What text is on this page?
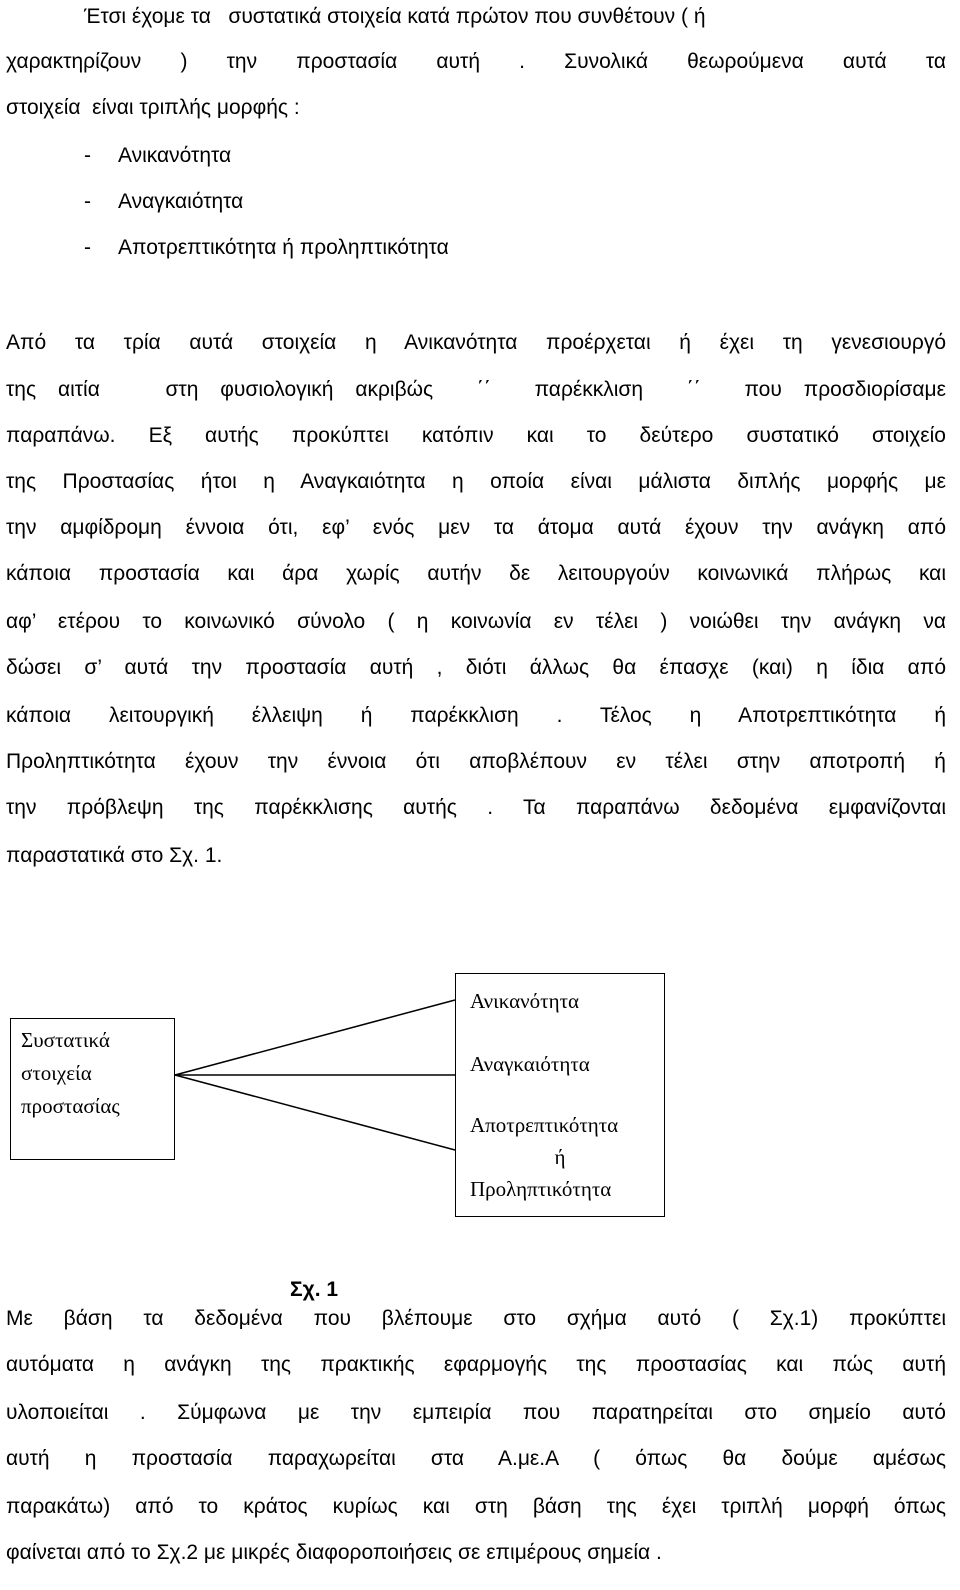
Έτσι έχομε τα   συστατικά στοιχεία κατά πρώτον που συνθέτουν ( ή
χαρακτηρίζουν ) την προστασία αυτή . Συνολικά θεωρούμενα αυτά τα
στοιχεία  είναι τριπλής μορφής :
- Ανικανότητα
- Αναγκαιότητα
- Αποτρεπτικότητα ή προληπτικότητα
Από τα τρία αυτά στοιχεία η Ανικανότητα προέρχεται ή έχει τη γενεσιουργό
της αιτία   στη φυσιολογική ακριβώς  ΄΄  παρέκκλιση  ΄΄  που προσδιορίσαμε
παραπάνω. Εξ αυτής προκύπτει κατόπιν και το δεύτερο συστατικό στοιχείο
της Προστασίας ήτοι η Αναγκαιότητα η οποία είναι μάλιστα διπλής μορφής με
την αμφίδρομη έννοια ότι, εφ’ ενός μεν τα άτομα αυτά έχουν την ανάγκη από
κάποια προστασία και άρα χωρίς αυτήν δε λειτουργούν κοινωνικά πλήρως και
αφ’ ετέρου το κοινωνικό σύνολο ( η κοινωνία εν τέλει ) νοιώθει την ανάγκη να
δώσει σ’ αυτά την προστασία αυτή , διότι άλλως θα έπασχε (και) η ίδια από
κάποια λειτουργική έλλειψη ή παρέκκλιση . Τέλος η Αποτρεπτικότητα ή
Προληπτικότητα έχουν την έννοια ότι αποβλέπουν εν τέλει στην αποτροπή ή
την πρόβλεψη της παρέκκλισης αυτής . Τα παραπάνω δεδομένα εμφανίζονται
παραστατικά στο Σχ. 1.
Συστατικά
στοιχεία
προστασίας
Ανικανότητα
Αναγκαιότητα
Αποτρεπτικότητα
ή
Προληπτικότητα
Σχ. 1
Με βάση τα δεδομένα που βλέπουμε στο σχήμα αυτό ( Σχ.1) προκύπτει
αυτόματα η ανάγκη της πρακτικής εφαρμογής της προστασίας και πώς αυτή
υλοποιείται . Σύμφωνα με την εμπειρία που παρατηρείται στο σημείο αυτό
αυτή η προστασία παραχωρείται στα Α.με.Α ( όπως θα δούμε αμέσως
παρακάτω) από το κράτος κυρίως και στη βάση της έχει τριπλή μορφή όπως
φαίνεται από το Σχ.2 με μικρές διαφοροποιήσεις σε επιμέρους σημεία .
